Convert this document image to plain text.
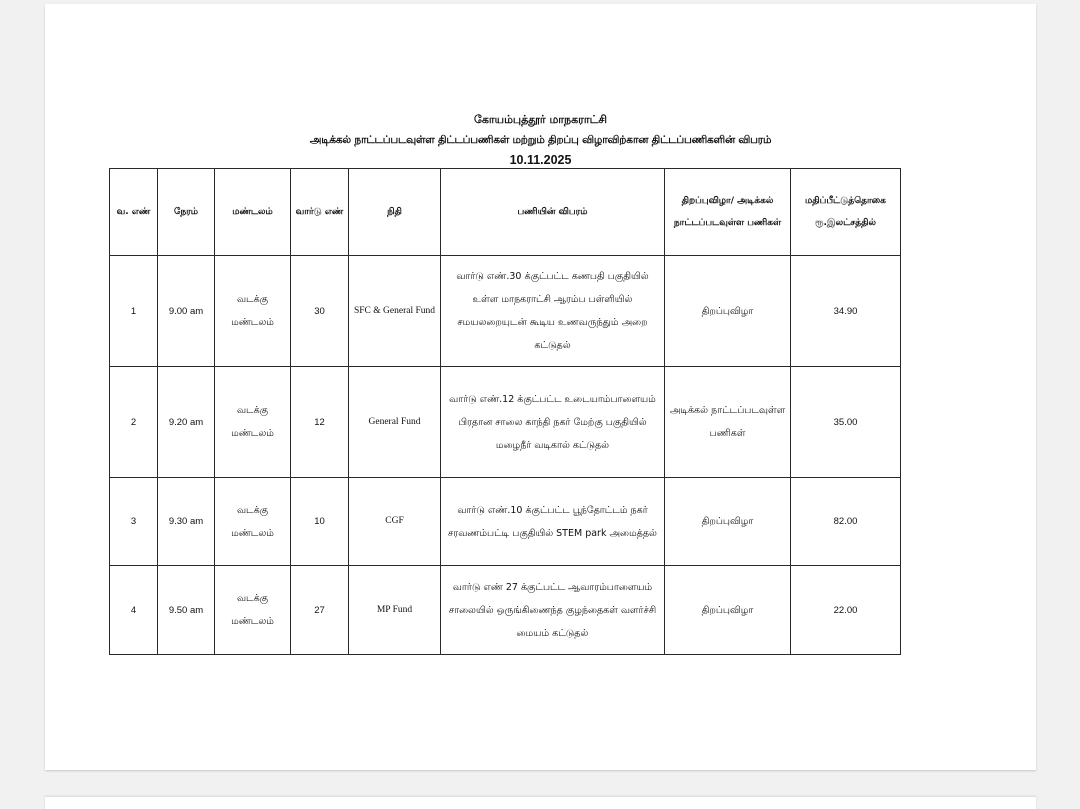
கோயம்புத்தூர் மாநகராட்சி
அடிக்கல் நாட்டப்படவுள்ள திட்டப்பணிகள் மற்றும் திறப்பு விழாவிற்கான திட்டப்பணிகளின் விபரம்
10.11.2025
வ. எண்	நேரம்	மண்டலம்	வார்டு எண்	நிதி	பணியின் விபரம்	திறப்புவிழா/ அடிக்கல் நாட்டப்படவுள்ள பணிகள்	மதிப்பீட்டுத்தொகை ரூ.இலட்சத்தில்
1	9.00 am	வடக்கு மண்டலம்	30	SFC & General Fund	வார்டு எண்.30 க்குட்பட்ட கணபதி பகுதியில் உள்ள மாநகராட்சி ஆரம்ப பள்ளியில் சமயலறையுடன் கூடிய உணவருந்தும் அறை கட்டுதல்	திறப்புவிழா	34.90
2	9.20 am	வடக்கு மண்டலம்	12	General Fund	வார்டு எண்.12 க்குட்பட்ட உடையாம்பாளையம் பிரதான சாலை காந்தி நகர் மேற்கு பகுதியில் மழைநீர் வடிகால் கட்டுதல்	அடிக்கல் நாட்டப்படவுள்ள பணிகள்	35.00
3	9.30 am	வடக்கு மண்டலம்	10	CGF	வார்டு எண்.10 க்குட்பட்ட பூந்தோட்டம் நகர் சரவணம்பட்டி பகுதியில் STEM park அமைத்தல்	திறப்புவிழா	82.00
4	9.50 am	வடக்கு மண்டலம்	27	MP Fund	வார்டு எண் 27 க்குட்பட்ட ஆவாரம்பாளையம் சாலையில் ஒருங்கிணைந்த குழந்தைகள் வளர்ச்சி மையம் கட்டுதல்	திறப்புவிழா	22.00
